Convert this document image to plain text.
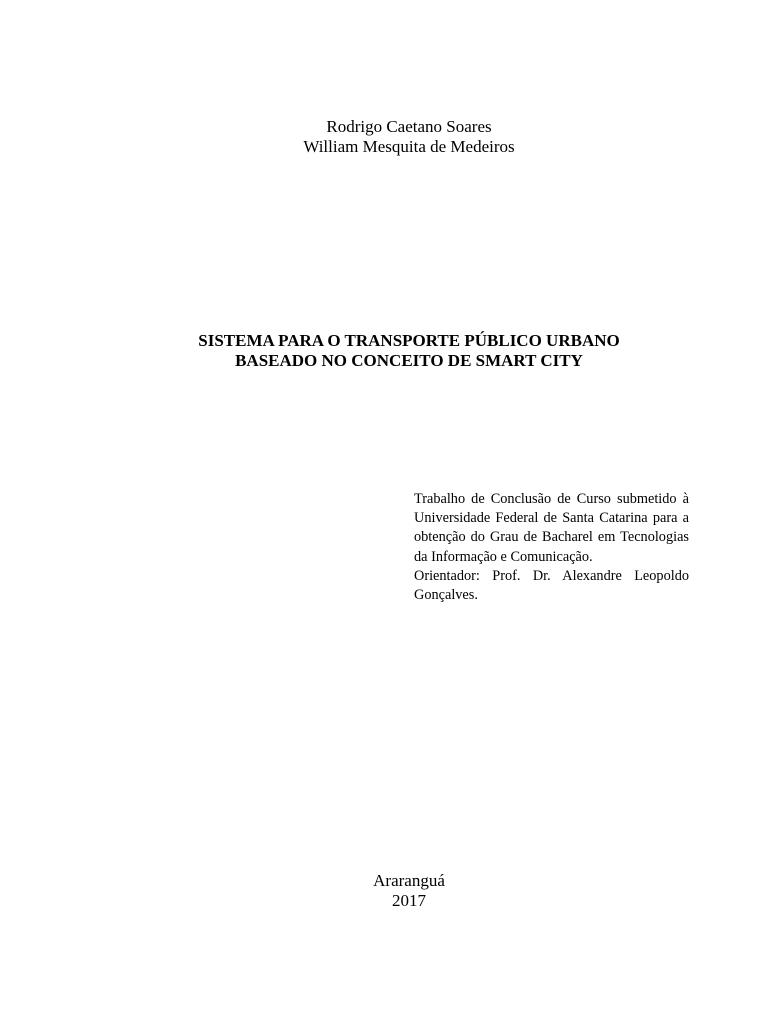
Rodrigo Caetano Soares
William Mesquita de Medeiros
SISTEMA PARA O TRANSPORTE PÚBLICO URBANO
BASEADO NO CONCEITO DE SMART CITY

Trabalho de Conclusão de Curso submetido à Universidade Federal de Santa Catarina para a obtenção do Grau de Bacharel em Tecnologias da Informação e Comunicação.

Orientador: Prof. Dr. Alexandre Leopoldo Gonçalves.

Araranguá
2017
